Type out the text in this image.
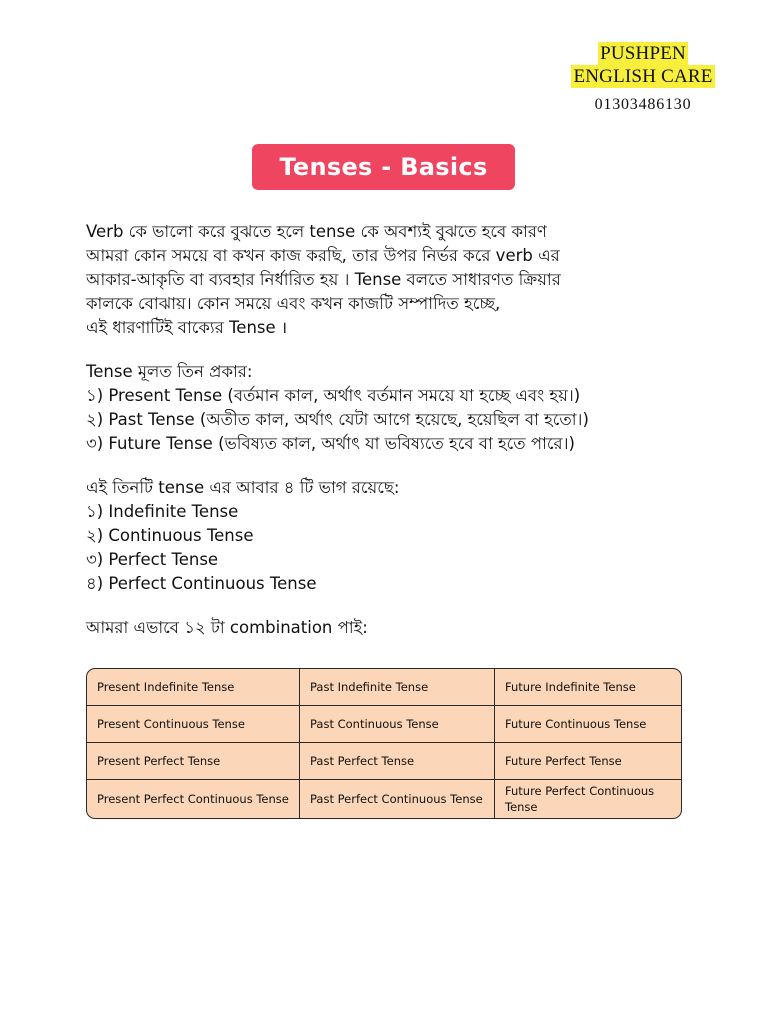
PUSHPEN
ENGLISH CARE
01303486130
Tenses - Basics

Verb কে ভালো করে বুঝতে হলে tense কে অবশ্যই বুঝতে হবে কারণ

আমরা কোন সময়ে বা কখন কাজ করছি, তার উপর নির্ভর করে verb এর

আকার-আকৃতি বা ব্যবহার নির্ধারিত হয় । Tense বলতে সাধারণত ক্রিয়ার

কালকে বোঝায়। কোন সময়ে এবং কখন কাজটি সম্পাদিত হচ্ছে,

এই ধারণাটিই বাক্যের Tense ।

Tense মূলত তিন প্রকার:

১) Present Tense (বর্তমান কাল, অর্থাৎ বর্তমান সময়ে যা হচ্ছে এবং হয়।)

২) Past Tense (অতীত কাল, অর্থাৎ যেটা আগে হয়েছে, হয়েছিল বা হতো।)

৩) Future Tense (ভবিষ্যত কাল, অর্থাৎ যা ভবিষ্যতে হবে বা হতে পারে।)

এই তিনটি tense এর আবার ৪ টি ভাগ রয়েছে:

১) Indefinite Tense

২) Continuous Tense

৩) Perfect Tense

৪) Perfect Continuous Tense

আমরা এভাবে ১২ টা combination পাই:

Present Indefinite Tense	Past Indefinite Tense	Future Indefinite Tense
Present Continuous Tense	Past Continuous Tense	Future Continuous Tense
Present Perfect Tense	Past Perfect Tense	Future Perfect Tense
Present Perfect Continuous Tense	Past Perfect Continuous Tense	Future Perfect Continuous Tense
